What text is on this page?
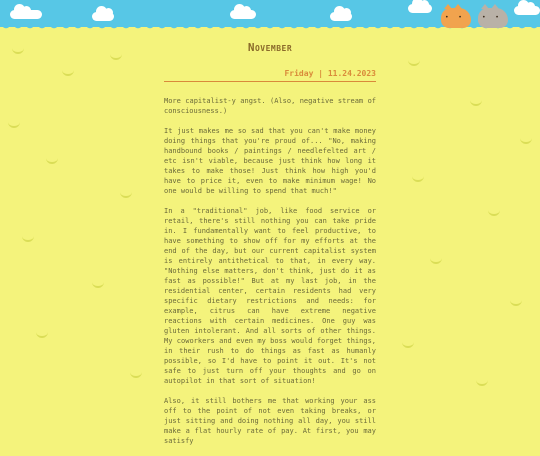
• •	• •
November
Friday | 11.24.2023

More capitalist-y angst. (Also, negative stream of consciousness.)

It just makes me so sad that you can't make money doing things that you're proud of... "No, making handbound books / paintings / needlefelted art / etc isn't viable, because just think how long it takes to make those! Just think how high you'd have to price it, even to make minimum wage! No one would be willing to spend that much!"

In a "traditional" job, like food service or retail, there's still nothing you can take pride in. I fundamentally want to feel productive, to have something to show off for my efforts at the end of the day, but our current capitalist system is entirely antithetical to that, in every way. "Nothing else matters, don't think, just do it as fast as possible!" But at my last job, in the residential center, certain residents had very specific dietary restrictions and needs: for example, citrus can have extreme negative reactions with certain medicines. One guy was gluten intolerant. And all sorts of other things. My coworkers and even my boss would forget things, in their rush to do things as fast as humanly possible, so I'd have to point it out. It's not safe to just turn off your thoughts and go on autopilot in that sort of situation!

Also, it still bothers me that working your ass off to the point of not even taking breaks, or just sitting and doing nothing all day, you still make a flat hourly rate of pay. At first, you may satisfy
